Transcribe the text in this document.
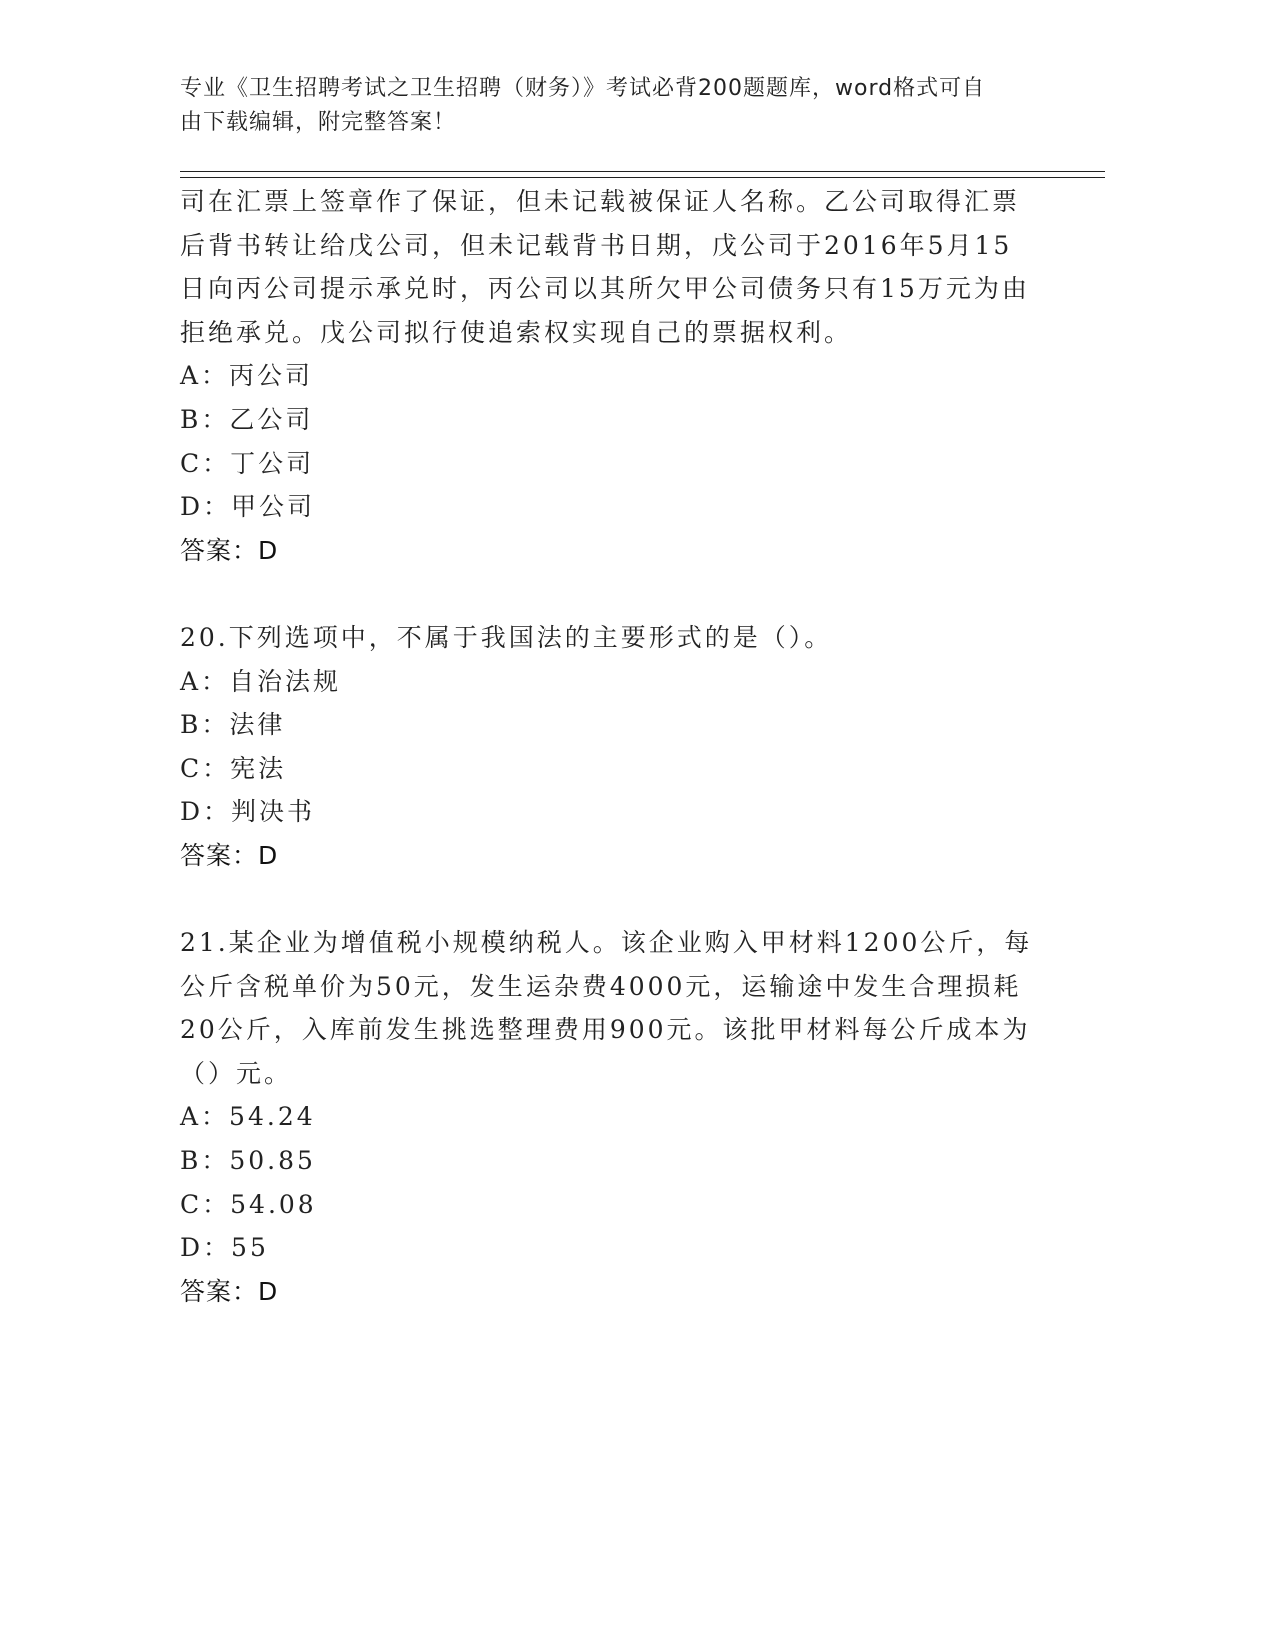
专业《卫生招聘考试之卫生招聘（财务）》考试必背200题题库，word格式可自
由下载编辑，附完整答案！

司在汇票上签章作了保证，但未记载被保证人名称。乙公司取得汇票

后背书转让给戊公司，但未记载背书日期，戊公司于2016年5月15

日向丙公司提示承兑时，丙公司以其所欠甲公司债务只有15万元为由

拒绝承兑。戊公司拟行使追索权实现自己的票据权利。

A：丙公司

B：乙公司

C：丁公司

D：甲公司

答案：D

20.下列选项中，不属于我国法的主要形式的是（）。

A：自治法规

B：法律

C：宪法

D：判决书

答案：D

21.某企业为增值税小规模纳税人。该企业购入甲材料1200公斤，每

公斤含税单价为50元，发生运杂费4000元，运输途中发生合理损耗

20公斤，入库前发生挑选整理费用900元。该批甲材料每公斤成本为

（）元。

A：54.24

B：50.85

C：54.08

D：55

答案：D
